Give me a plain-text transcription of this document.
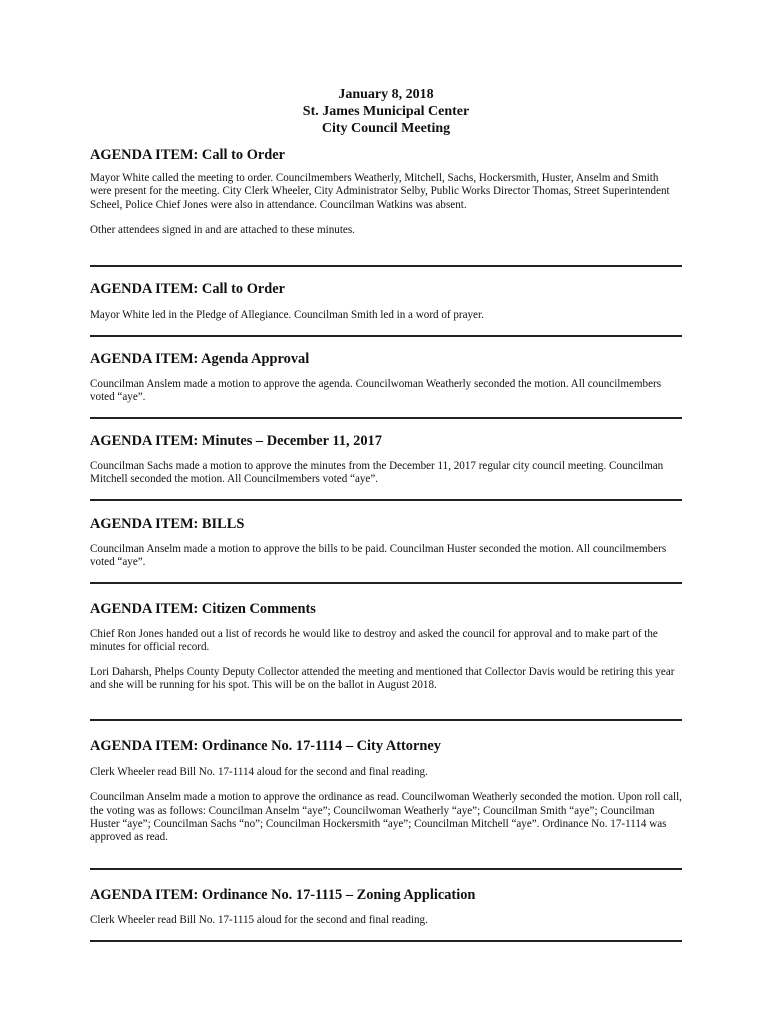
January 8, 2018
St. James Municipal Center
City Council Meeting
AGENDA ITEM: Call to Order
Mayor White called the meeting to order. Councilmembers Weatherly, Mitchell, Sachs, Hockersmith, Huster, Anselm and Smith were present for the meeting. City Clerk Wheeler, City Administrator Selby, Public Works Director Thomas, Street Superintendent Scheel, Police Chief Jones were also in attendance. Councilman Watkins was absent.
Other attendees signed in and are attached to these minutes.
AGENDA ITEM: Call to Order
Mayor White led in the Pledge of Allegiance. Councilman Smith led in a word of prayer.
AGENDA ITEM: Agenda Approval
Councilman Anslem made a motion to approve the agenda. Councilwoman Weatherly seconded the motion. All councilmembers voted “aye”.
AGENDA ITEM: Minutes – December 11, 2017
Councilman Sachs made a motion to approve the minutes from the December 11, 2017 regular city council meeting. Councilman Mitchell seconded the motion. All Councilmembers voted “aye”.
AGENDA ITEM: BILLS
Councilman Anselm made a motion to approve the bills to be paid. Councilman Huster seconded the motion. All councilmembers voted “aye”.
AGENDA ITEM: Citizen Comments
Chief Ron Jones handed out a list of records he would like to destroy and asked the council for approval and to make part of the minutes for official record.
Lori Daharsh, Phelps County Deputy Collector attended the meeting and mentioned that Collector Davis would be retiring this year and she will be running for his spot. This will be on the ballot in August 2018.
AGENDA ITEM: Ordinance No. 17-1114 – City Attorney
Clerk Wheeler read Bill No. 17-1114 aloud for the second and final reading.
Councilman Anselm made a motion to approve the ordinance as read. Councilwoman Weatherly seconded the motion. Upon roll call, the voting was as follows: Councilman Anselm “aye”; Councilwoman Weatherly “aye”; Councilman Smith “aye”; Councilman Huster “aye”; Councilman Sachs “no”; Councilman Hockersmith “aye”; Councilman Mitchell “aye”. Ordinance No. 17-1114 was approved as read.
AGENDA ITEM: Ordinance No. 17-1115 – Zoning Application
Clerk Wheeler read Bill No. 17-1115 aloud for the second and final reading.
